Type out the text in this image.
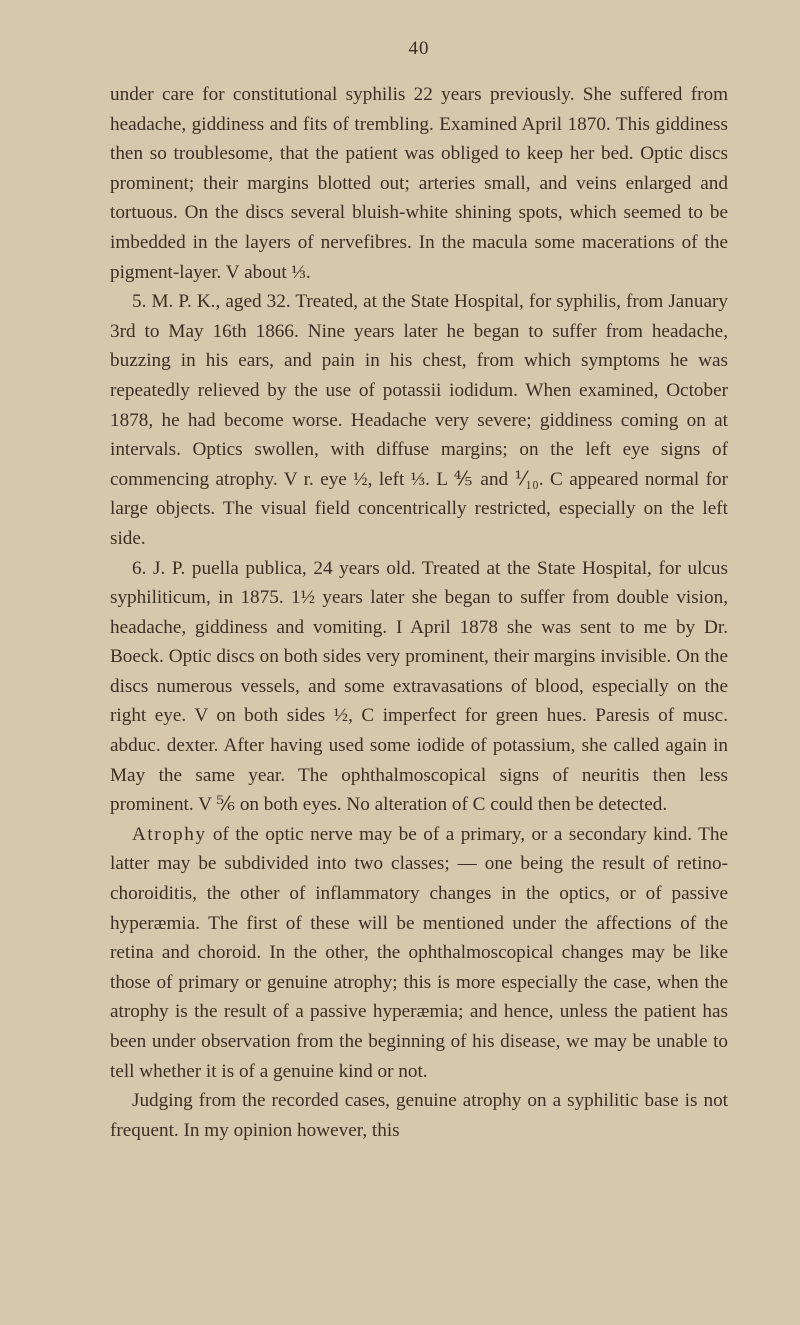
40

under care for constitutional syphilis 22 years previously. She suffered from headache, giddiness and fits of trembling. Examined April 1870. This giddiness then so troublesome, that the patient was obliged to keep her bed. Optic discs prominent; their margins blotted out; arteries small, and veins enlarged and tortuous. On the discs several bluish-white shining spots, which seemed to be imbedded in the layers of nervefibres. In the macula some macerations of the pigment-layer. V about ⅓.

5. M. P. K., aged 32. Treated, at the State Hospital, for syphilis, from January 3rd to May 16th 1866. Nine years later he began to suffer from headache, buzzing in his ears, and pain in his chest, from which symptoms he was repeatedly relieved by the use of potassii iodidum. When examined, October 1878, he had become worse. Headache very severe; giddiness coming on at intervals. Optics swollen, with diffuse margins; on the left eye signs of commencing atrophy. V r. eye ½, left ⅓. L ⅘ and ⅟₁₀. C appeared normal for large objects. The visual field concentrically restricted, especially on the left side.

6. J. P. puella publica, 24 years old. Treated at the State Hospital, for ulcus syphiliticum, in 1875. 1½ years later she began to suffer from double vision, headache, giddiness and vomiting. I April 1878 she was sent to me by Dr. Boeck. Optic discs on both sides very prominent, their margins invisible. On the discs numerous vessels, and some extravasations of blood, especially on the right eye. V on both sides ½, C imperfect for green hues. Paresis of musc. abduc. dexter. After having used some iodide of potassium, she called again in May the same year. The ophthalmoscopical signs of neuritis then less prominent. V ⅚ on both eyes. No alteration of C could then be detected.

Atrophy of the optic nerve may be of a primary, or a secondary kind. The latter may be subdivided into two classes; — one being the result of retino-choroiditis, the other of inflammatory changes in the optics, or of passive hyperæmia. The first of these will be mentioned under the affections of the retina and choroid. In the other, the ophthalmoscopical changes may be like those of primary or genuine atrophy; this is more especially the case, when the atrophy is the result of a passive hyperæmia; and hence, unless the patient has been under observation from the beginning of his disease, we may be unable to tell whether it is of a genuine kind or not.

Judging from the recorded cases, genuine atrophy on a syphilitic base is not frequent. In my opinion however, this
